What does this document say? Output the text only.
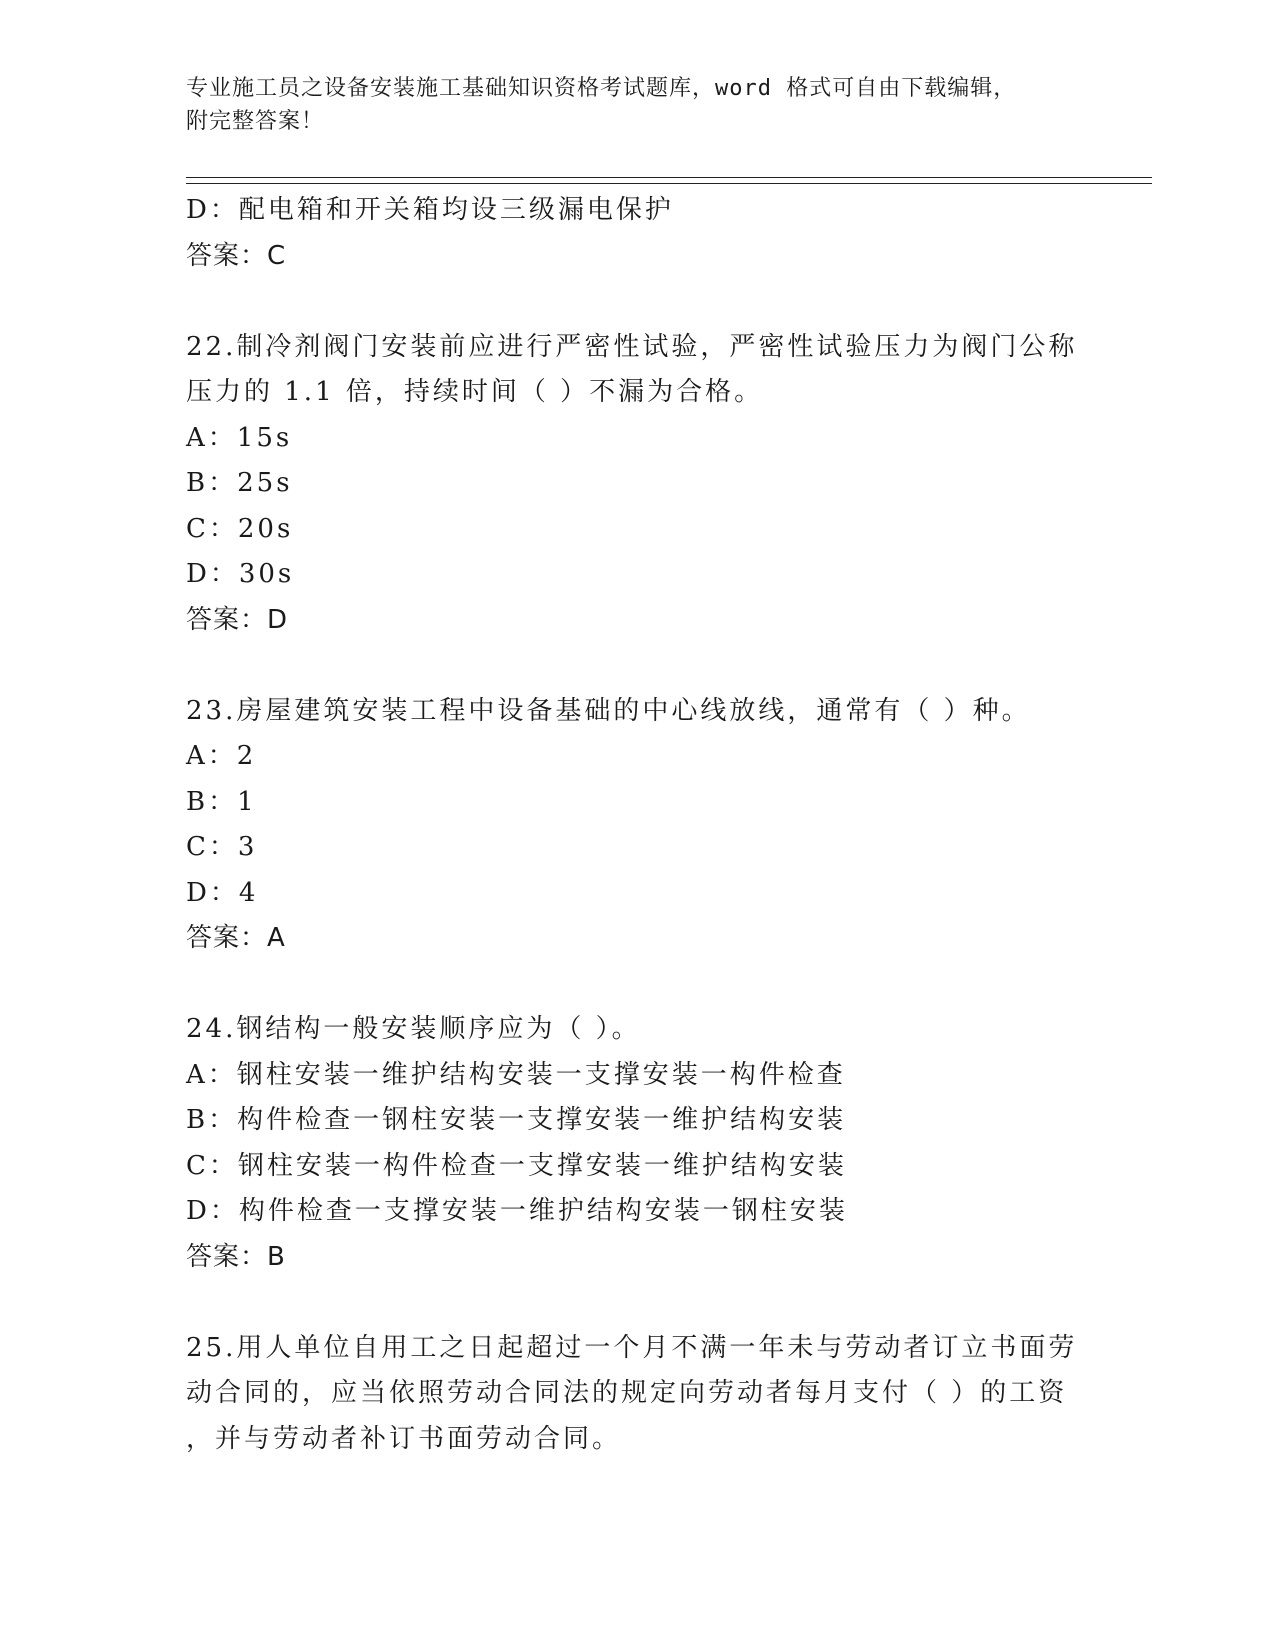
专业施工员之设备安装施工基础知识资格考试题库，word 格式可自由下载编辑，
附完整答案！
D：配电箱和开关箱均设三级漏电保护
答案：C
22.制冷剂阀门安装前应进行严密性试验，严密性试验压力为阀门公称
压力的 1.1 倍，持续时间（ ）不漏为合格。
A：15s
B：25s
C：20s
D：30s
答案：D
23.房屋建筑安装工程中设备基础的中心线放线，通常有（ ）种。
A：2
B：1
C：3
D：4
答案：A
24.钢结构一般安装顺序应为（ ）。
A：钢柱安装一维护结构安装一支撑安装一构件检查
B：构件检查一钢柱安装一支撑安装一维护结构安装
C：钢柱安装一构件检查一支撑安装一维护结构安装
D：构件检查一支撑安装一维护结构安装一钢柱安装
答案：B
25.用人单位自用工之日起超过一个月不满一年未与劳动者订立书面劳
动合同的，应当依照劳动合同法的规定向劳动者每月支付（ ）的工资
，并与劳动者补订书面劳动合同。
